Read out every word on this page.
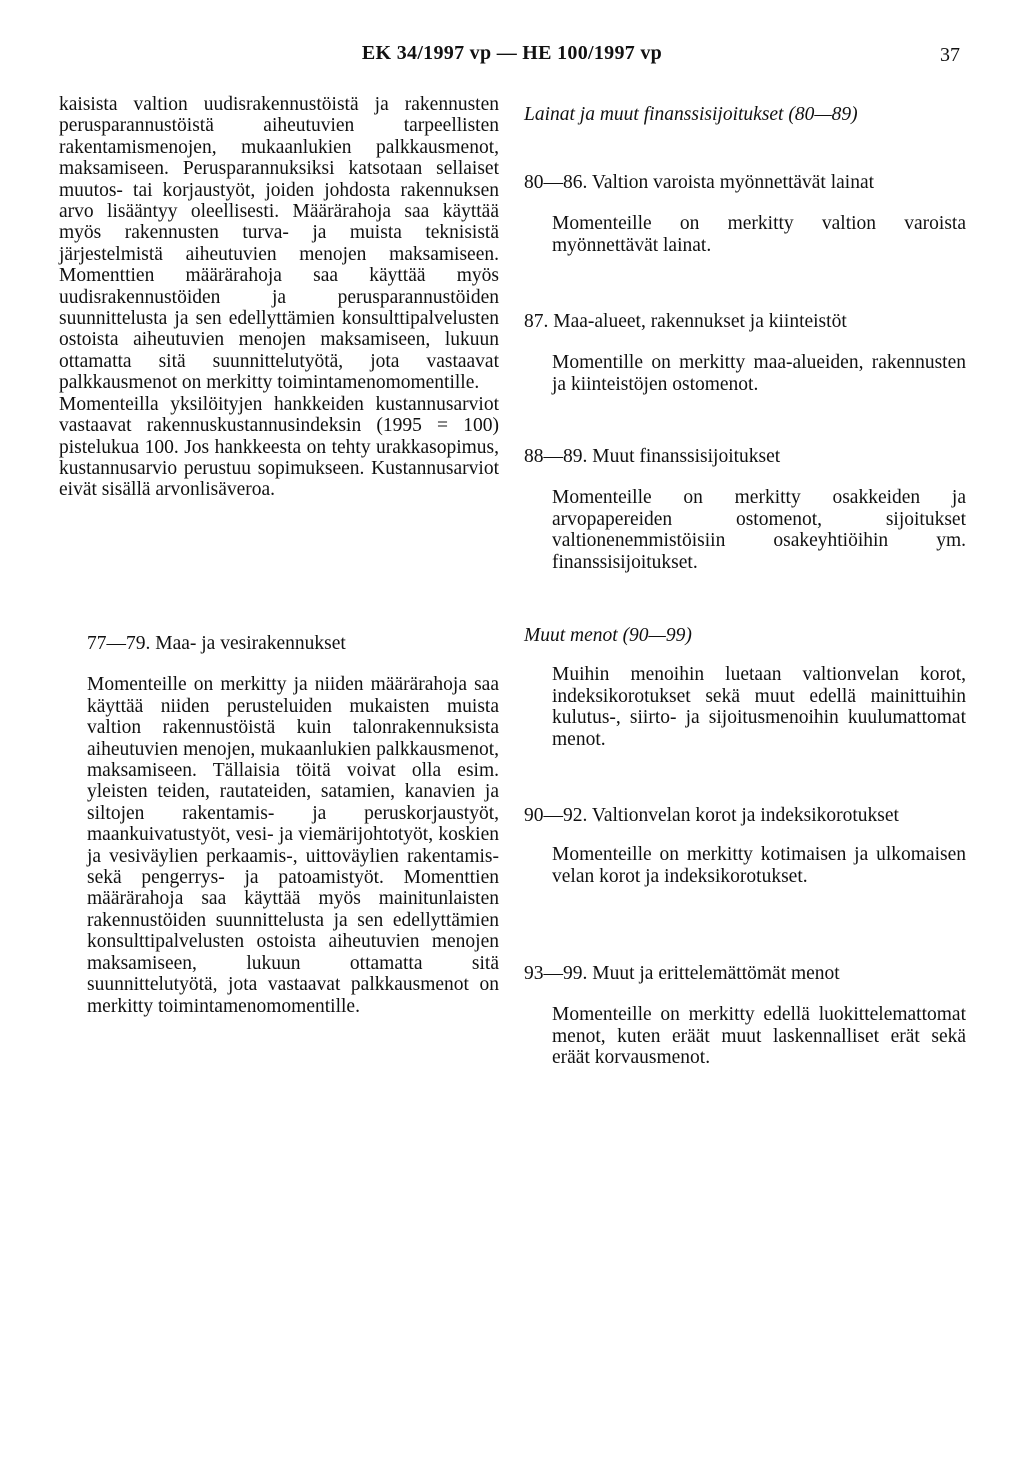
EK 34/1997 vp — HE 100/1997 vp	37

kaisista valtion uudisrakennustöistä ja rakennusten perusparannustöistä aiheutuvien tarpeellisten rakentamismenojen, mukaanlukien palkkausmenot, maksamiseen. Perusparannuksiksi katsotaan sellaiset muutos- tai korjaustyöt, joiden johdosta rakennuksen arvo lisääntyy oleellisesti. Määrärahoja saa käyttää myös rakennusten turva- ja muista teknisistä järjestelmistä aiheutuvien menojen maksamiseen. Momenttien määrärahoja saa käyttää myös uudisrakennustöiden ja perusparannustöiden suunnittelusta ja sen edellyttämien konsulttipalvelusten ostoista aiheutuvien menojen maksamiseen, lukuun ottamatta sitä suunnittelutyötä, jota vastaavat palkkausmenot on merkitty toimintamenomomentille.

Momenteilla yksilöityjen hankkeiden kustannusarviot vastaavat rakennuskustannusindeksin (1995 = 100) pistelukua 100. Jos hankkeesta on tehty urakkasopimus, kustannusarvio perustuu sopimukseen. Kustannusarviot eivät sisällä arvonlisäveroa.

77—79. Maa- ja vesirakennukset

Momenteille on merkitty ja niiden määrärahoja saa käyttää niiden perusteluiden mukaisten muista valtion rakennustöistä kuin talonrakennuksista aiheutuvien menojen, mukaanlukien palkkausmenot, maksamiseen. Tällaisia töitä voivat olla esim. yleisten teiden, rautateiden, satamien, kanavien ja siltojen rakentamis- ja peruskorjaustyöt, maankuivatustyöt, vesi- ja viemärijohtotyöt, koskien ja vesiväylien perkaamis-, uittoväylien rakentamis- sekä pengerrys- ja patoamistyöt. Momenttien määrärahoja saa käyttää myös mainitunlaisten rakennustöiden suunnittelusta ja sen edellyttämien konsulttipalvelusten ostoista aiheutuvien menojen maksamiseen, lukuun ottamatta sitä suunnittelutyötä, jota vastaavat palkkausmenot on merkitty toimintamenomomentille.

Lainat ja muut finanssisijoitukset (80—89)

80—86. Valtion varoista myönnettävät lainat

Momenteille on merkitty valtion varoista myönnettävät lainat.

87. Maa-alueet, rakennukset ja kiinteistöt

Momentille on merkitty maa-alueiden, rakennusten ja kiinteistöjen ostomenot.

88—89. Muut finanssisijoitukset

Momenteille on merkitty osakkeiden ja arvopapereiden ostomenot, sijoitukset valtionenemmistöisiin osakeyhtiöihin ym. finanssisijoitukset.

Muut menot (90—99)

Muihin menoihin luetaan valtionvelan korot, indeksikorotukset sekä muut edellä mainittuihin kulutus-, siirto- ja sijoitusmenoihin kuulumattomat menot.

90—92. Valtionvelan korot ja indeksikorotukset

Momenteille on merkitty kotimaisen ja ulkomaisen velan korot ja indeksikorotukset.

93—99. Muut ja erittelemättömät menot

Momenteille on merkitty edellä luokittelemattomat menot, kuten eräät muut laskennalliset erät sekä eräät korvausmenot.
